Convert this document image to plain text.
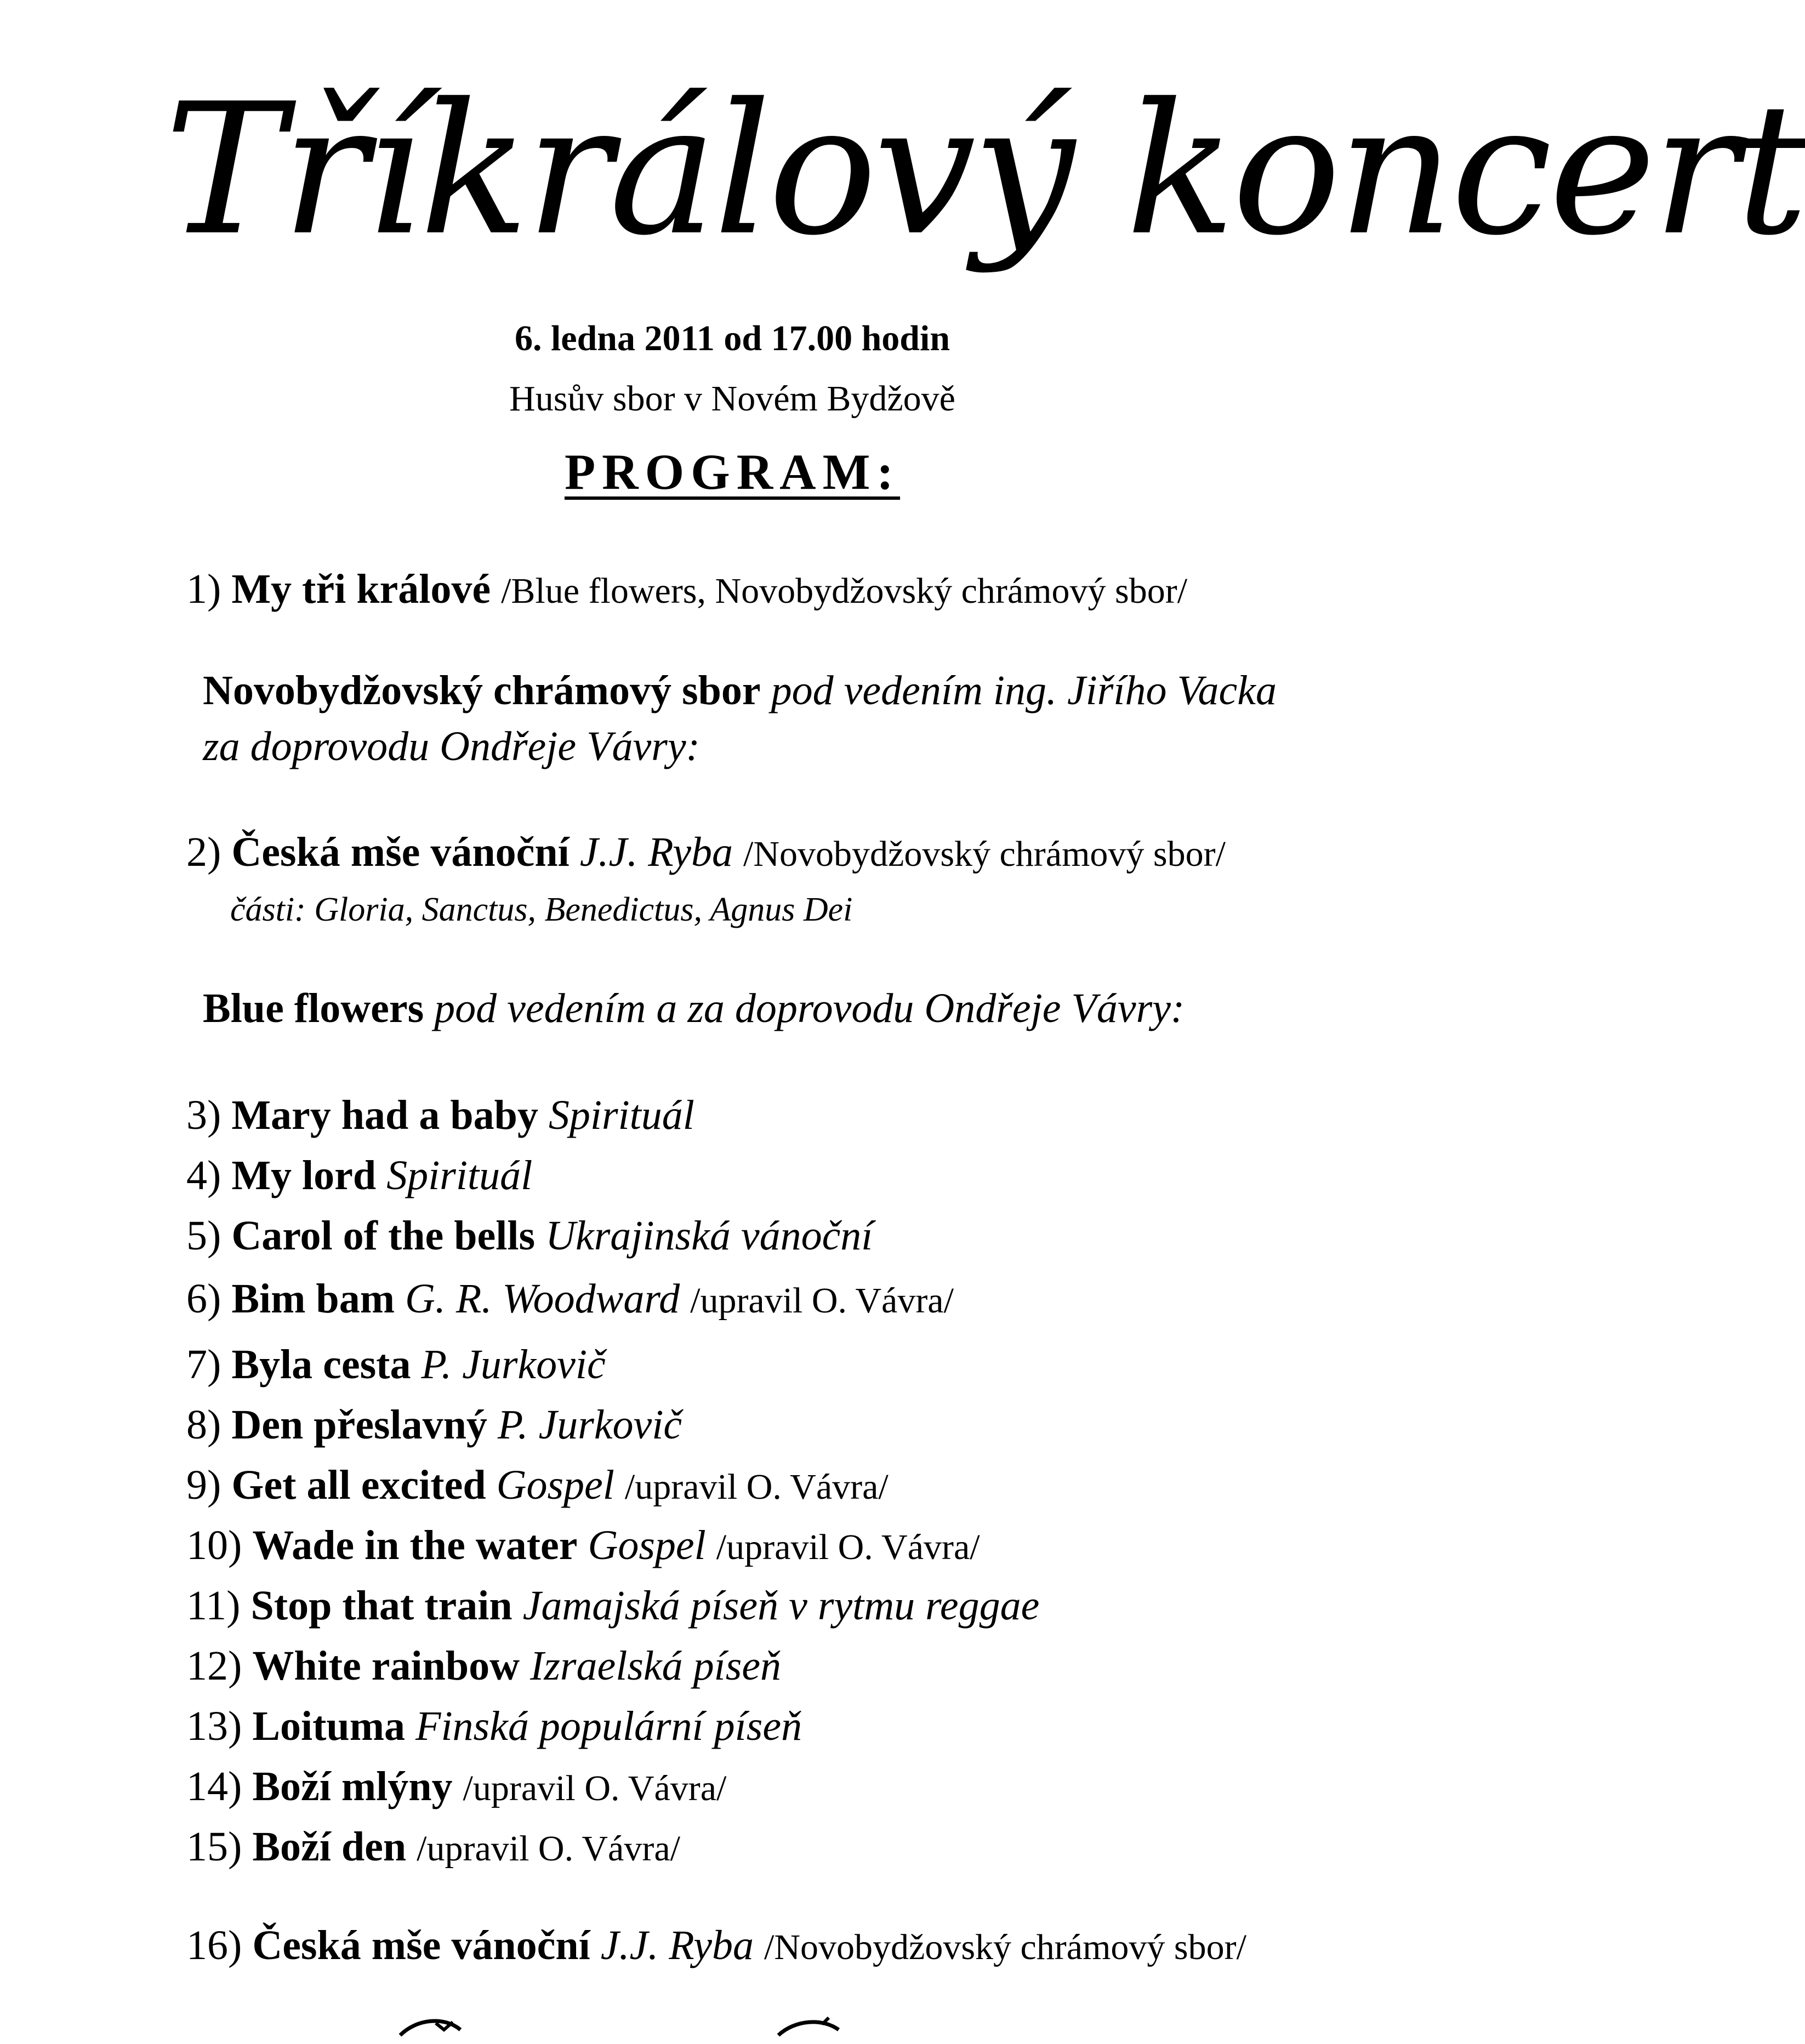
Tříkrálový koncert
6. ledna 2011 od 17.00 hodin
Husův sbor v Novém Bydžově
PROGRAM:
1) My tři králové /Blue flowers, Novobydžovský chrámový sbor/
Novobydžovský chrámový sbor pod vedením ing. Jiřího Vacka
za doprovodu Ondřeje Vávry:
2) Česká mše vánoční J.J. Ryba /Novobydžovský chrámový sbor/
části: Gloria, Sanctus, Benedictus, Agnus Dei
Blue flowers pod vedením a za doprovodu Ondřeje Vávry:
3) Mary had a baby Spirituál
4) My lord Spirituál
5) Carol of the bells Ukrajinská vánoční
6) Bim bam G. R. Woodward /upravil O. Vávra/
7) Byla cesta P. Jurkovič
8) Den přeslavný P. Jurkovič
9) Get all excited Gospel /upravil O. Vávra/
10) Wade in the water Gospel /upravil O. Vávra/
11) Stop that train Jamajská píseň v rytmu reggae
12) White rainbow Izraelská píseň
13) Loituma Finská populární píseň
14) Boží mlýny /upravil O. Vávra/
15) Boží den /upravil O. Vávra/
16) Česká mše vánoční J.J. Ryba /Novobydžovský chrámový sbor/
